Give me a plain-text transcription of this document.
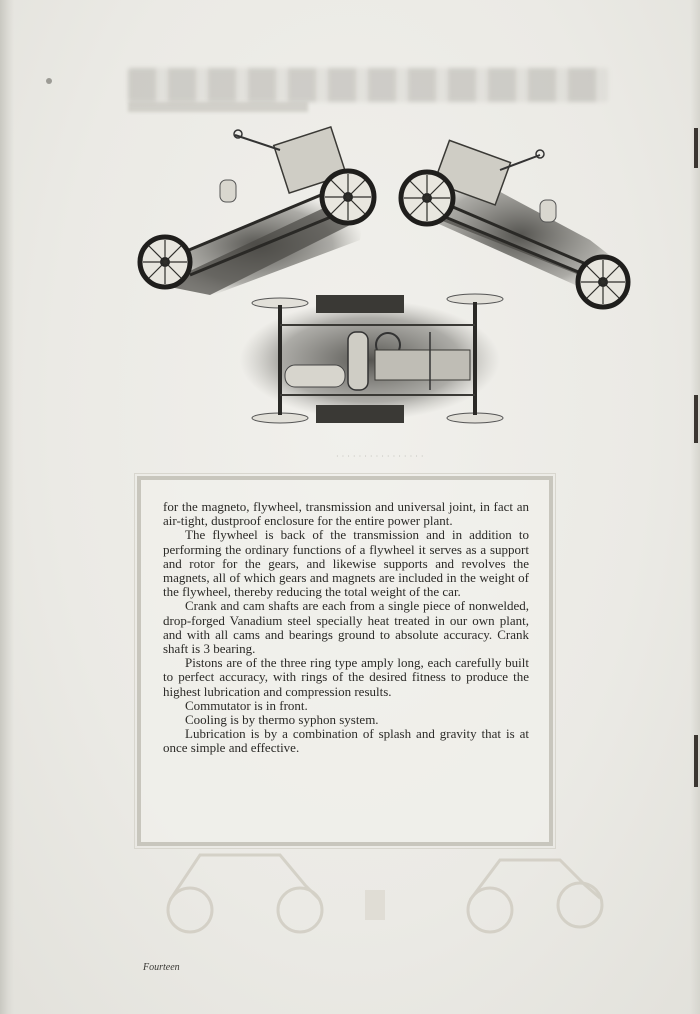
· · · · · · · · · · · · · · · ·

for the magneto, flywheel, transmission and universal joint, in fact an air-tight, dustproof enclosure for the entire power plant.

The flywheel is back of the transmission and in addition to performing the ordinary functions of a flywheel it serves as a support and rotor for the gears, and likewise supports and revolves the magnets, all of which gears and magnets are included in the weight of the flywheel, thereby reducing the total weight of the car.

Crank and cam shafts are each from a single piece of nonwelded, drop-forged Vanadium steel specially heat treated in our own plant, and with all cams and bearings ground to absolute accuracy. Crank shaft is 3 bearing.

Pistons are of the three ring type amply long, each carefully built to perfect accuracy, with rings of the desired fitness to produce the highest lubrication and compression results.

Commutator is in front.

Cooling is by thermo syphon system.

Lubrication is by a combination of splash and gravity that is at once simple and effective.

Fourteen
